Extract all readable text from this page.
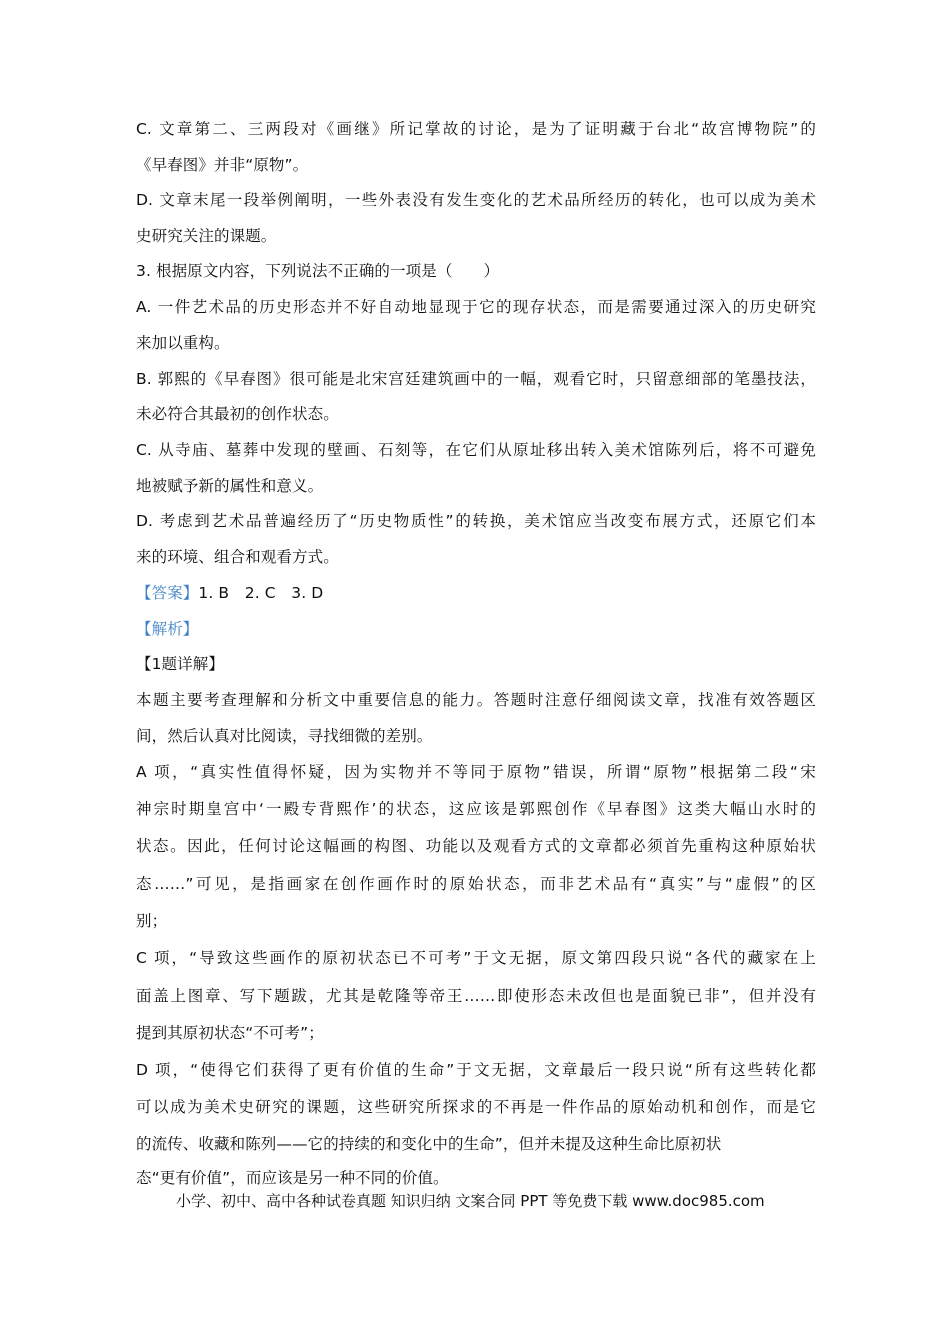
C. 文章第二、三两段对《画继》所记掌故的讨论，是为了证明藏于台北“故宫博物院”的
《早春图》并非“原物”。
D. 文章末尾一段举例阐明，一些外表没有发生变化的艺术品所经历的转化，也可以成为美术
史研究关注的课题。
3. 根据原文内容，下列说法不正确的一项是（　　）
A. 一件艺术品的历史形态并不好自动地显现于它的现存状态，而是需要通过深入的历史研究
来加以重构。
B. 郭熙的《早春图》很可能是北宋宫廷建筑画中的一幅，观看它时，只留意细部的笔墨技法，
未必符合其最初的创作状态。
C. 从寺庙、墓葬中发现的壁画、石刻等，在它们从原址移出转入美术馆陈列后，将不可避免
地被赋予新的属性和意义。
D. 考虑到艺术品普遍经历了“历史物质性”的转换，美术馆应当改变布展方式，还原它们本
来的环境、组合和观看方式。
【答案】1. B　2. C　3. D
【解析】
【1题详解】
本题主要考查理解和分析文中重要信息的能力。答题时注意仔细阅读文章，找准有效答题区
间，然后认真对比阅读，寻找细微的差别。
A 项，“真实性值得怀疑，因为实物并不等同于原物”错误，所谓“原物”根据第二段“宋
神宗时期皇宫中‘一殿专背熙作’的状态，这应该是郭熙创作《早春图》这类大幅山水时的
状态。因此，任何讨论这幅画的构图、功能以及观看方式的文章都必须首先重构这种原始状
态……”可见，是指画家在创作画作时的原始状态，而非艺术品有“真实”与“虚假”的区
别；
C 项，“导致这些画作的原初状态已不可考”于文无据，原文第四段只说“各代的藏家在上
面盖上图章、写下题跋，尤其是乾隆等帝王……即使形态未改但也是面貌已非”，但并没有
提到其原初状态“不可考”；
D 项，“使得它们获得了更有价值的生命”于文无据，文章最后一段只说“所有这些转化都
可以成为美术史研究的课题，这些研究所探求的不再是一件作品的原始动机和创作，而是它
的流传、收藏和陈列——它的持续的和变化中的生命”，但并未提及这种生命比原初状
态“更有价值”，而应该是另一种不同的价值。
小学、初中、高中各种试卷真题 知识归纳 文案合同 PPT 等免费下载 www.doc985.com
